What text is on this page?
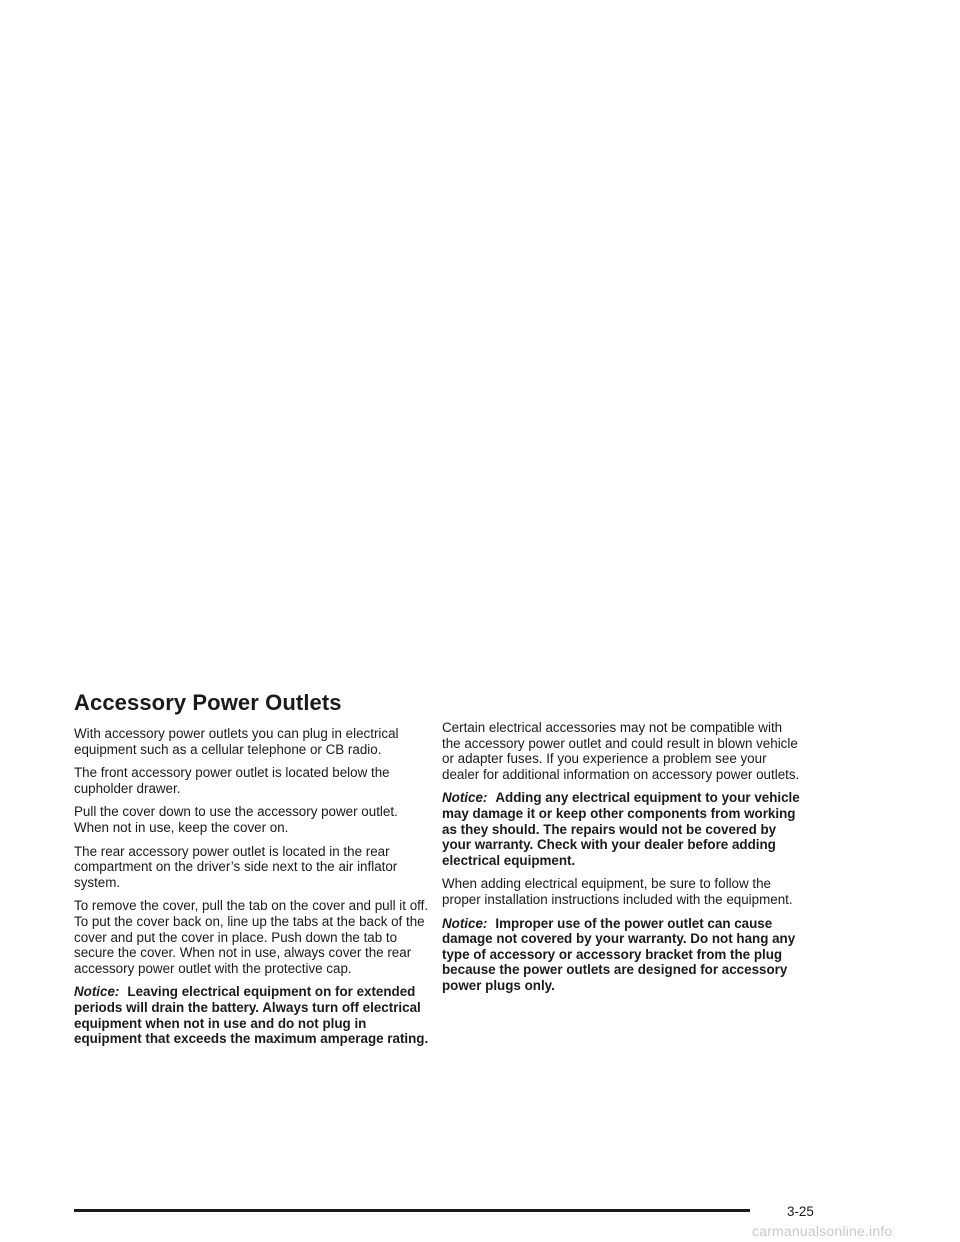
Accessory Power Outlets

With accessory power outlets you can plug in electrical equipment such as a cellular telephone or CB radio.

The front accessory power outlet is located below the cupholder drawer.

Pull the cover down to use the accessory power outlet. When not in use, keep the cover on.

The rear accessory power outlet is located in the rear compartment on the driver’s side next to the air inflator system.

To remove the cover, pull the tab on the cover and pull it off. To put the cover back on, line up the tabs at the back of the cover and put the cover in place. Push down the tab to secure the cover. When not in use, always cover the rear accessory power outlet with the protective cap.

Notice: Leaving electrical equipment on for extended periods will drain the battery. Always turn off electrical equipment when not in use and do not plug in equipment that exceeds the maximum amperage rating.

Certain electrical accessories may not be compatible with the accessory power outlet and could result in blown vehicle or adapter fuses. If you experience a problem see your dealer for additional information on accessory power outlets.

Notice: Adding any electrical equipment to your vehicle may damage it or keep other components from working as they should. The repairs would not be covered by your warranty. Check with your dealer before adding electrical equipment.

When adding electrical equipment, be sure to follow the proper installation instructions included with the equipment.

Notice: Improper use of the power outlet can cause damage not covered by your warranty. Do not hang any type of accessory or accessory bracket from the plug because the power outlets are designed for accessory power plugs only.

3-25
carmanualsonline.info
